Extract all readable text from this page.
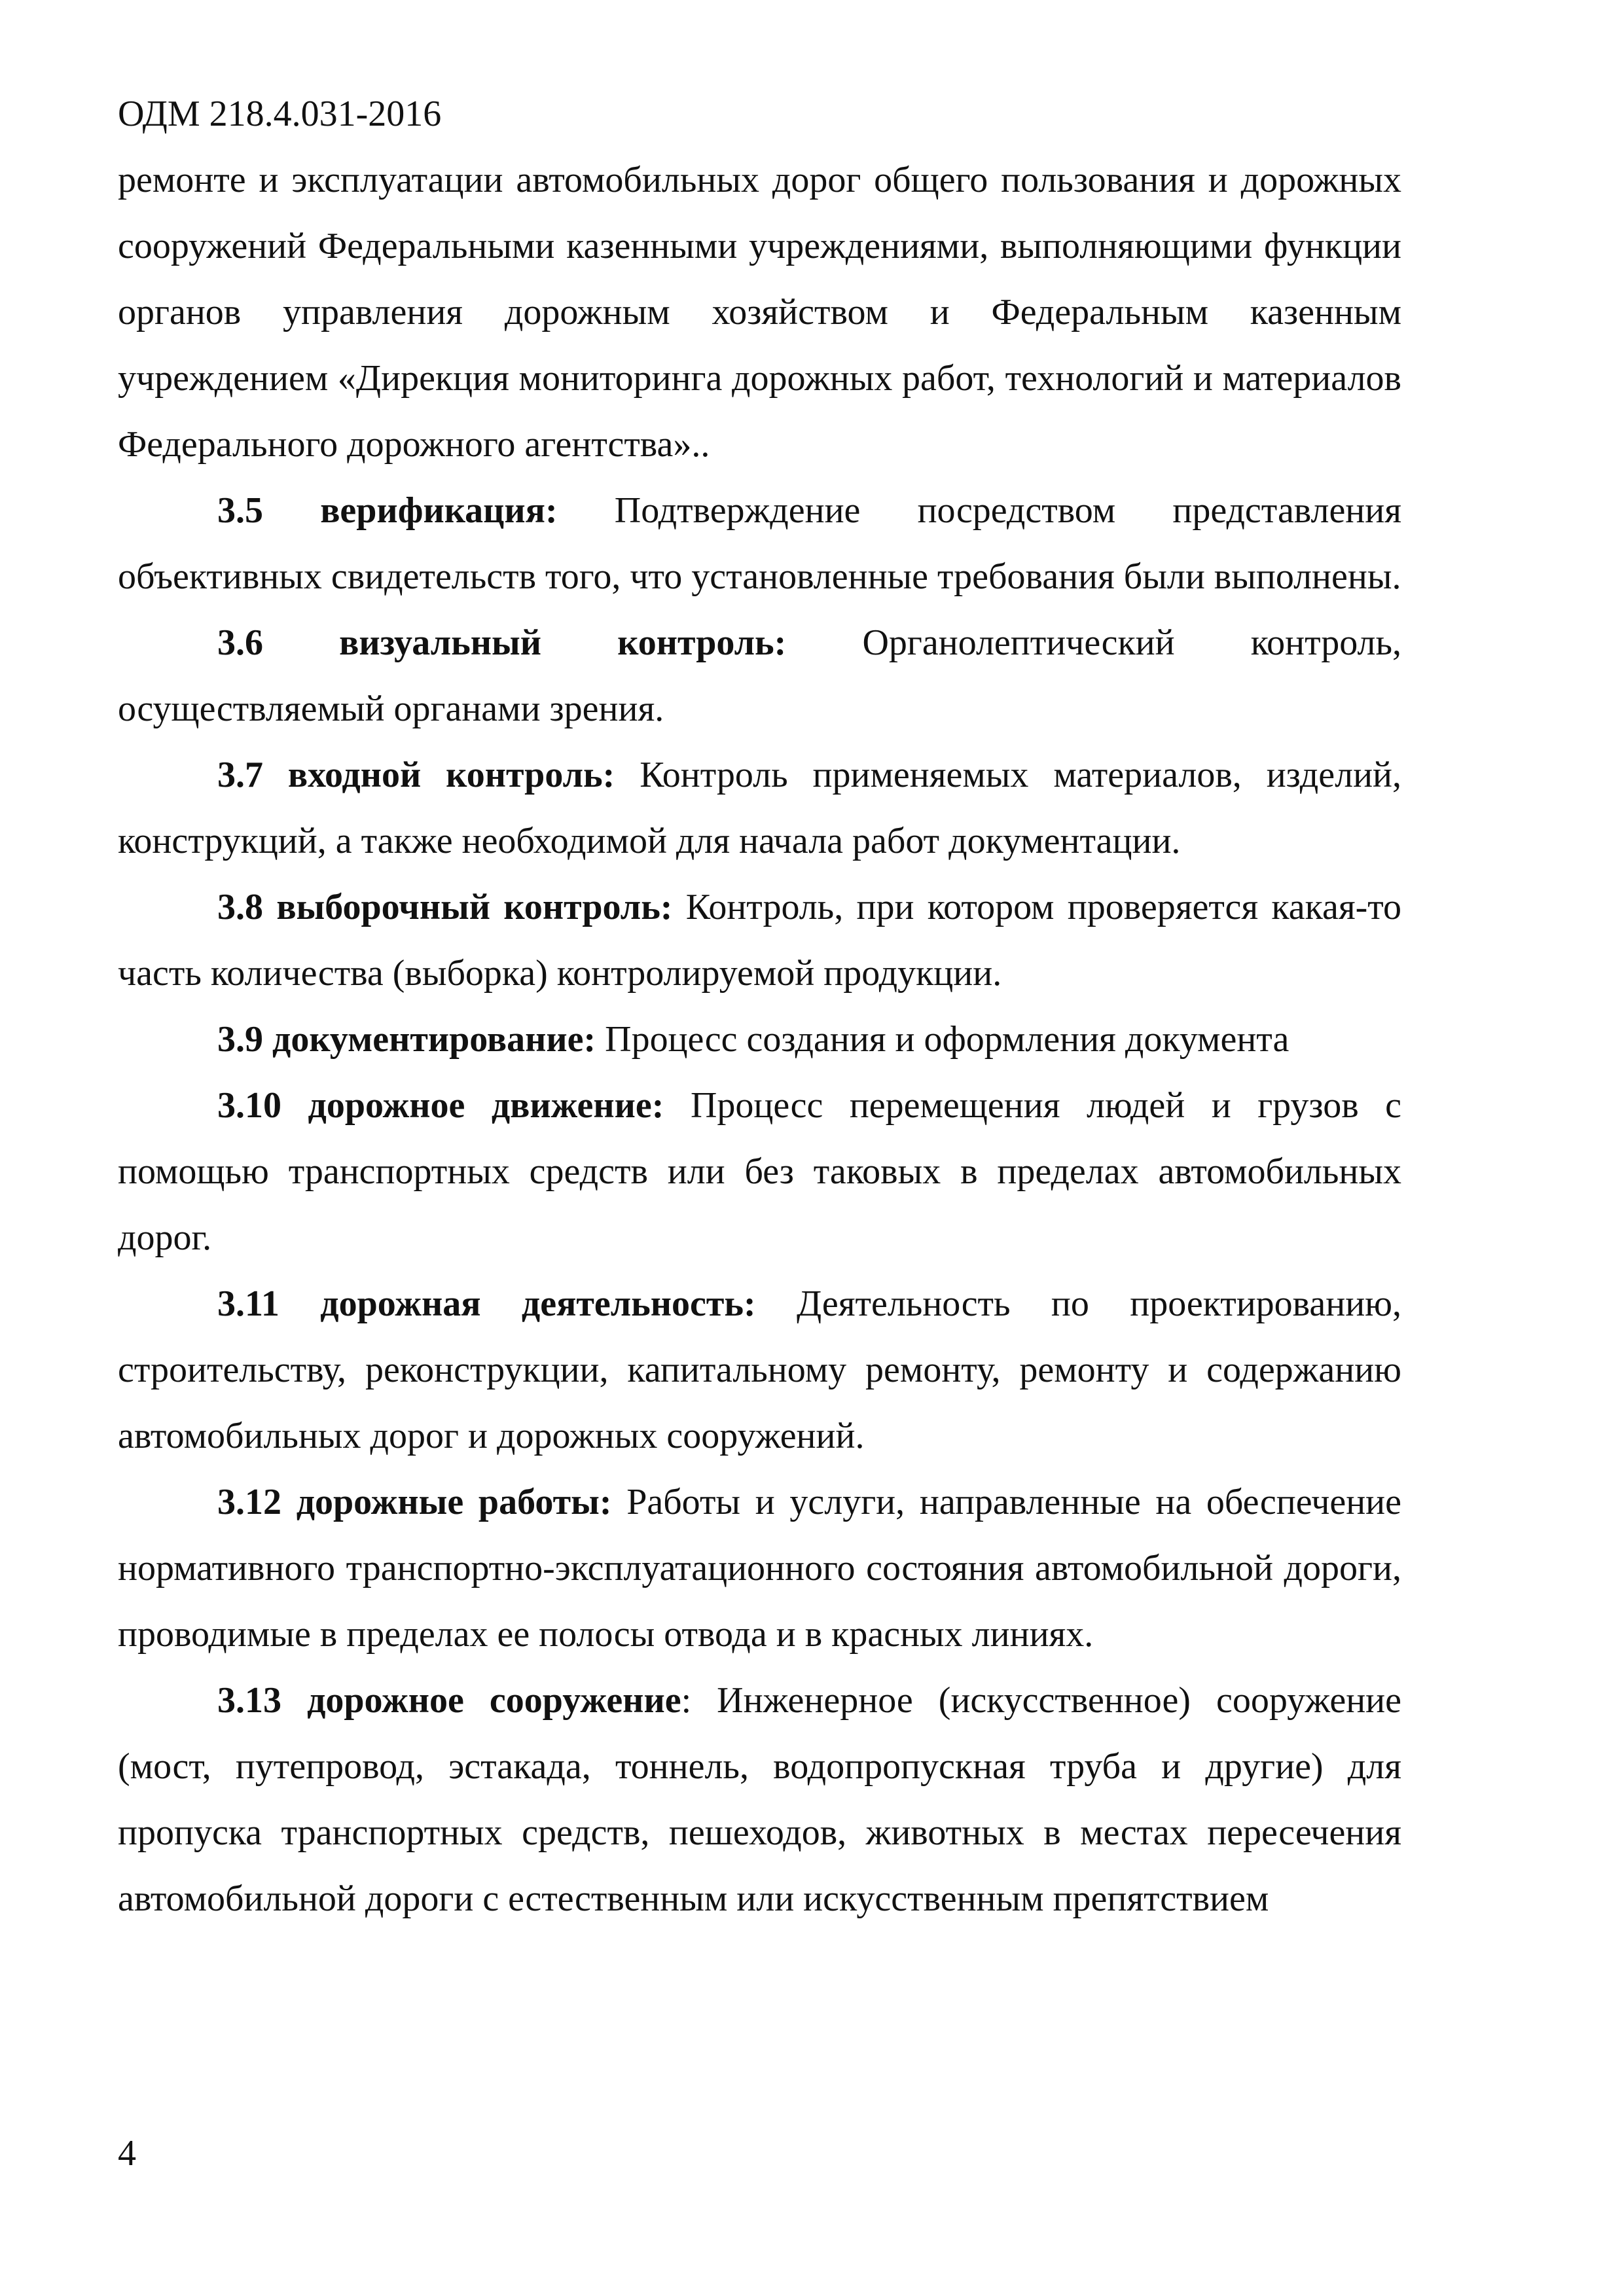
ОДМ 218.4.031-2016

ремонте и эксплуатации автомобильных дорог общего пользования и дорожных сооружений Федеральными казенными учреждениями, выполняющими функции органов управления дорожным хозяйством и Федеральным казенным учреждением «Дирекция мониторинга дорожных работ, технологий и материалов Федерального дорожного агентства»..

3.5 верификация: Подтверждение посредством представления объективных свидетельств того, что установленные требования были выполнены.

3.6 визуальный контроль: Органолептический контроль, осуществляемый органами зрения.

3.7 входной контроль: Контроль применяемых материалов, изделий, конструкций, а также необходимой для начала работ документации.

3.8 выборочный контроль: Контроль, при котором проверяется какая-то часть количества (выборка) контролируемой продукции.

3.9 документирование: Процесс создания и оформления документа

3.10 дорожное движение: Процесс перемещения людей и грузов с помощью транспортных средств или без таковых в пределах автомобильных дорог.

3.11 дорожная деятельность: Деятельность по проектированию, строительству, реконструкции, капитальному ремонту, ремонту и содержанию автомобильных дорог и дорожных сооружений.

3.12 дорожные работы: Работы и услуги, направленные на обеспечение нормативного транспортно-эксплуатационного состояния автомобильной дороги, проводимые в пределах ее полосы отвода и в красных линиях.

3.13 дорожное сооружение: Инженерное (искусственное) сооружение (мост, путепровод, эстакада, тоннель, водопропускная труба и другие) для пропуска транспортных средств, пешеходов, животных в местах пересечения автомобильной дороги с естественным или искусственным препятствием

4
